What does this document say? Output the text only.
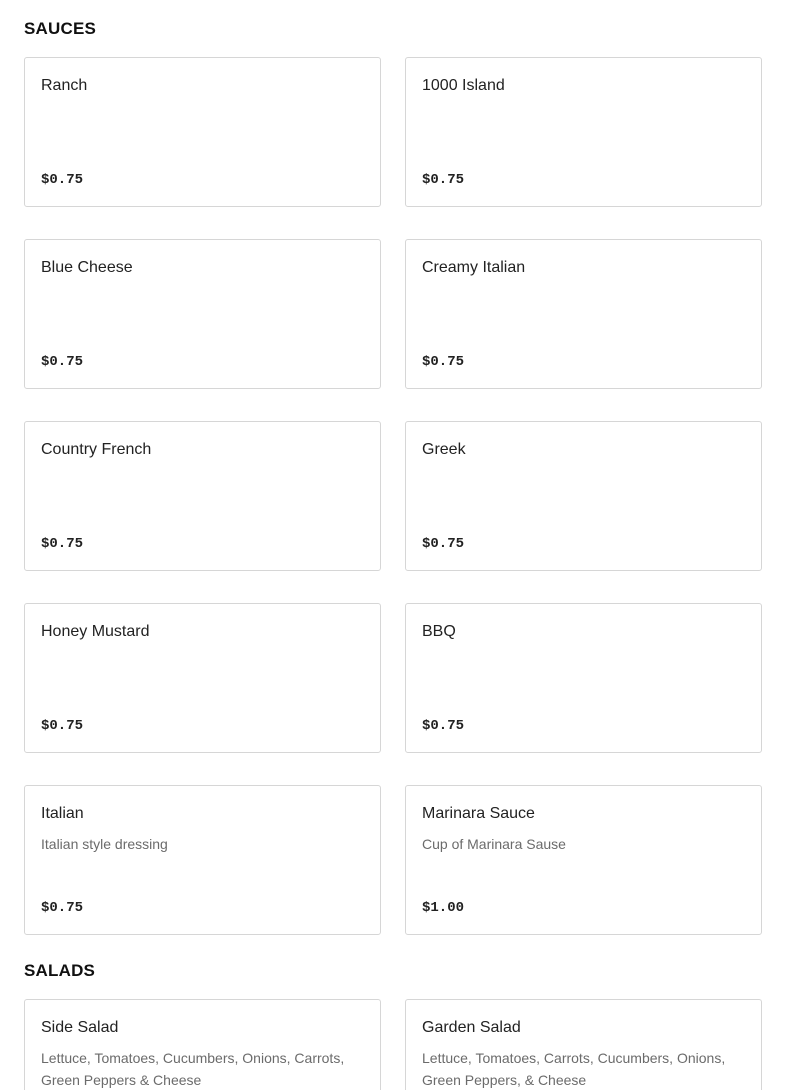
SAUCES
Ranch
$0.75
1000 Island
$0.75
Blue Cheese
$0.75
Creamy Italian
$0.75
Country French
$0.75
Greek
$0.75
Honey Mustard
$0.75
BBQ
$0.75
Italian
Italian style dressing
$0.75
Marinara Sauce
Cup of Marinara Sause
$1.00
SALADS
Side Salad
Lettuce, Tomatoes, Cucumbers, Onions, Carrots, Green Peppers & Cheese
Garden Salad
Lettuce, Tomatoes, Carrots, Cucumbers, Onions, Green Peppers, & Cheese
